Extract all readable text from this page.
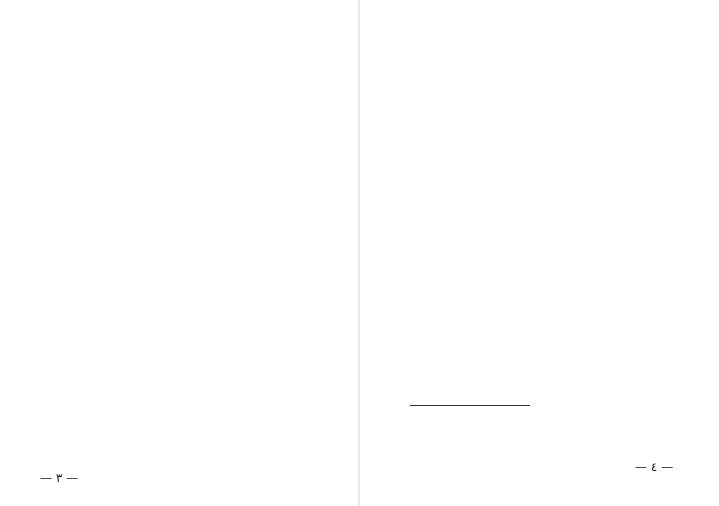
— ٣ —
— ٤ —
